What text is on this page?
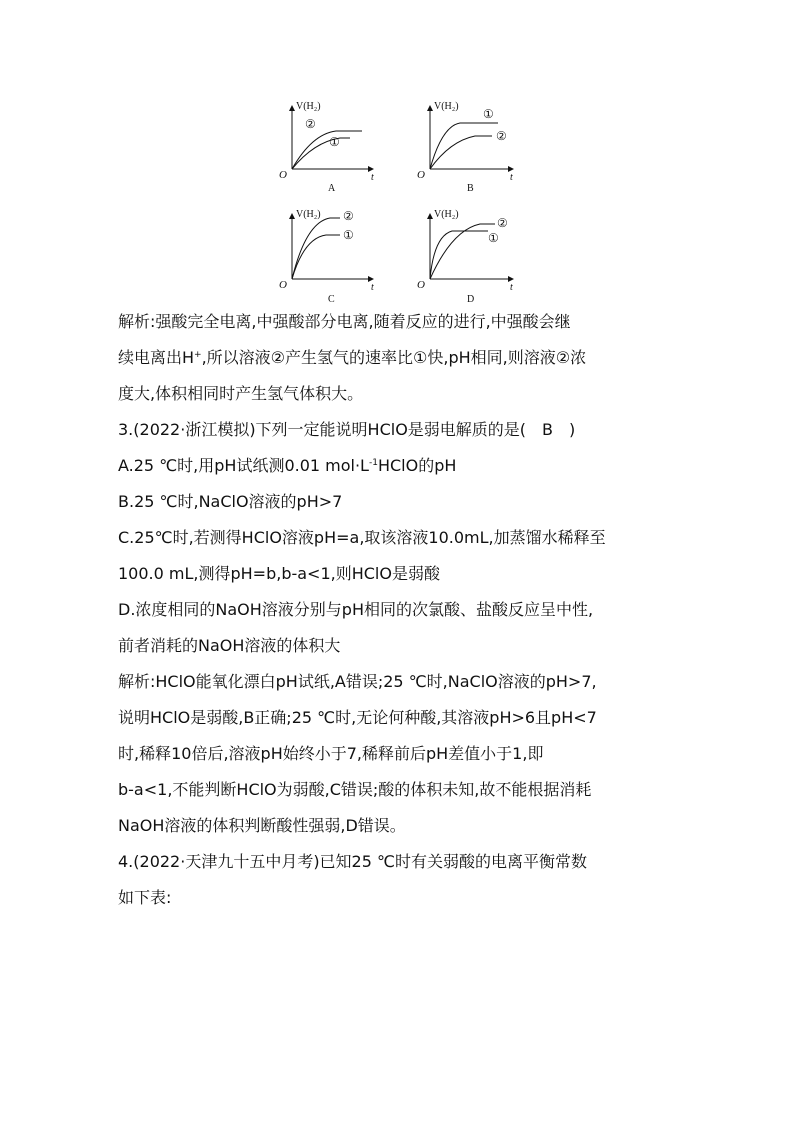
V(H₂)
O	t
②
①
A
V(H₂)
O	t
①
②
B
V(H₂)
O	t
②
①
C
V(H₂)
O	t
②
①
D
解析:强酸完全电离,中强酸部分电离,随着反应的进行,中强酸会继
续电离出H+,所以溶液②产生氢气的速率比①快,pH相同,则溶液②浓
度大,体积相同时产生氢气体积大。
3.(2022·浙江模拟)下列一定能说明HClO是弱电解质的是(　B　)
A.25 ℃时,用pH试纸测0.01 $mol\cdot L^{-1}HClO$的pH
B.25 ℃时,NaClO溶液的pH>7
C.25℃时,若测得HClO溶液pH=a,取该溶液10.0mL,加蒸馏水稀释至
100.0 mL,测得pH=b,b-a<1,则HClO是弱酸
D.浓度相同的NaOH溶液分别与pH相同的次氯酸、盐酸反应呈中性,
前者消耗的NaOH溶液的体积大
解析:HClO能氧化漂白pH试纸,A错误;25 ℃时,NaClO溶液的pH>7,
说明HClO是弱酸,B正确;25 ℃时,无论何种酸,其溶液pH>6且pH<7
时,稀释10倍后,溶液pH始终小于7,稀释前后pH差值小于1,即
b-a<1,不能判断HClO为弱酸,C错误;酸的体积未知,故不能根据消耗
NaOH溶液的体积判断酸性强弱,D错误。
4.(2022·天津九十五中月考)已知25 ℃时有关弱酸的电离平衡常数
如下表:
